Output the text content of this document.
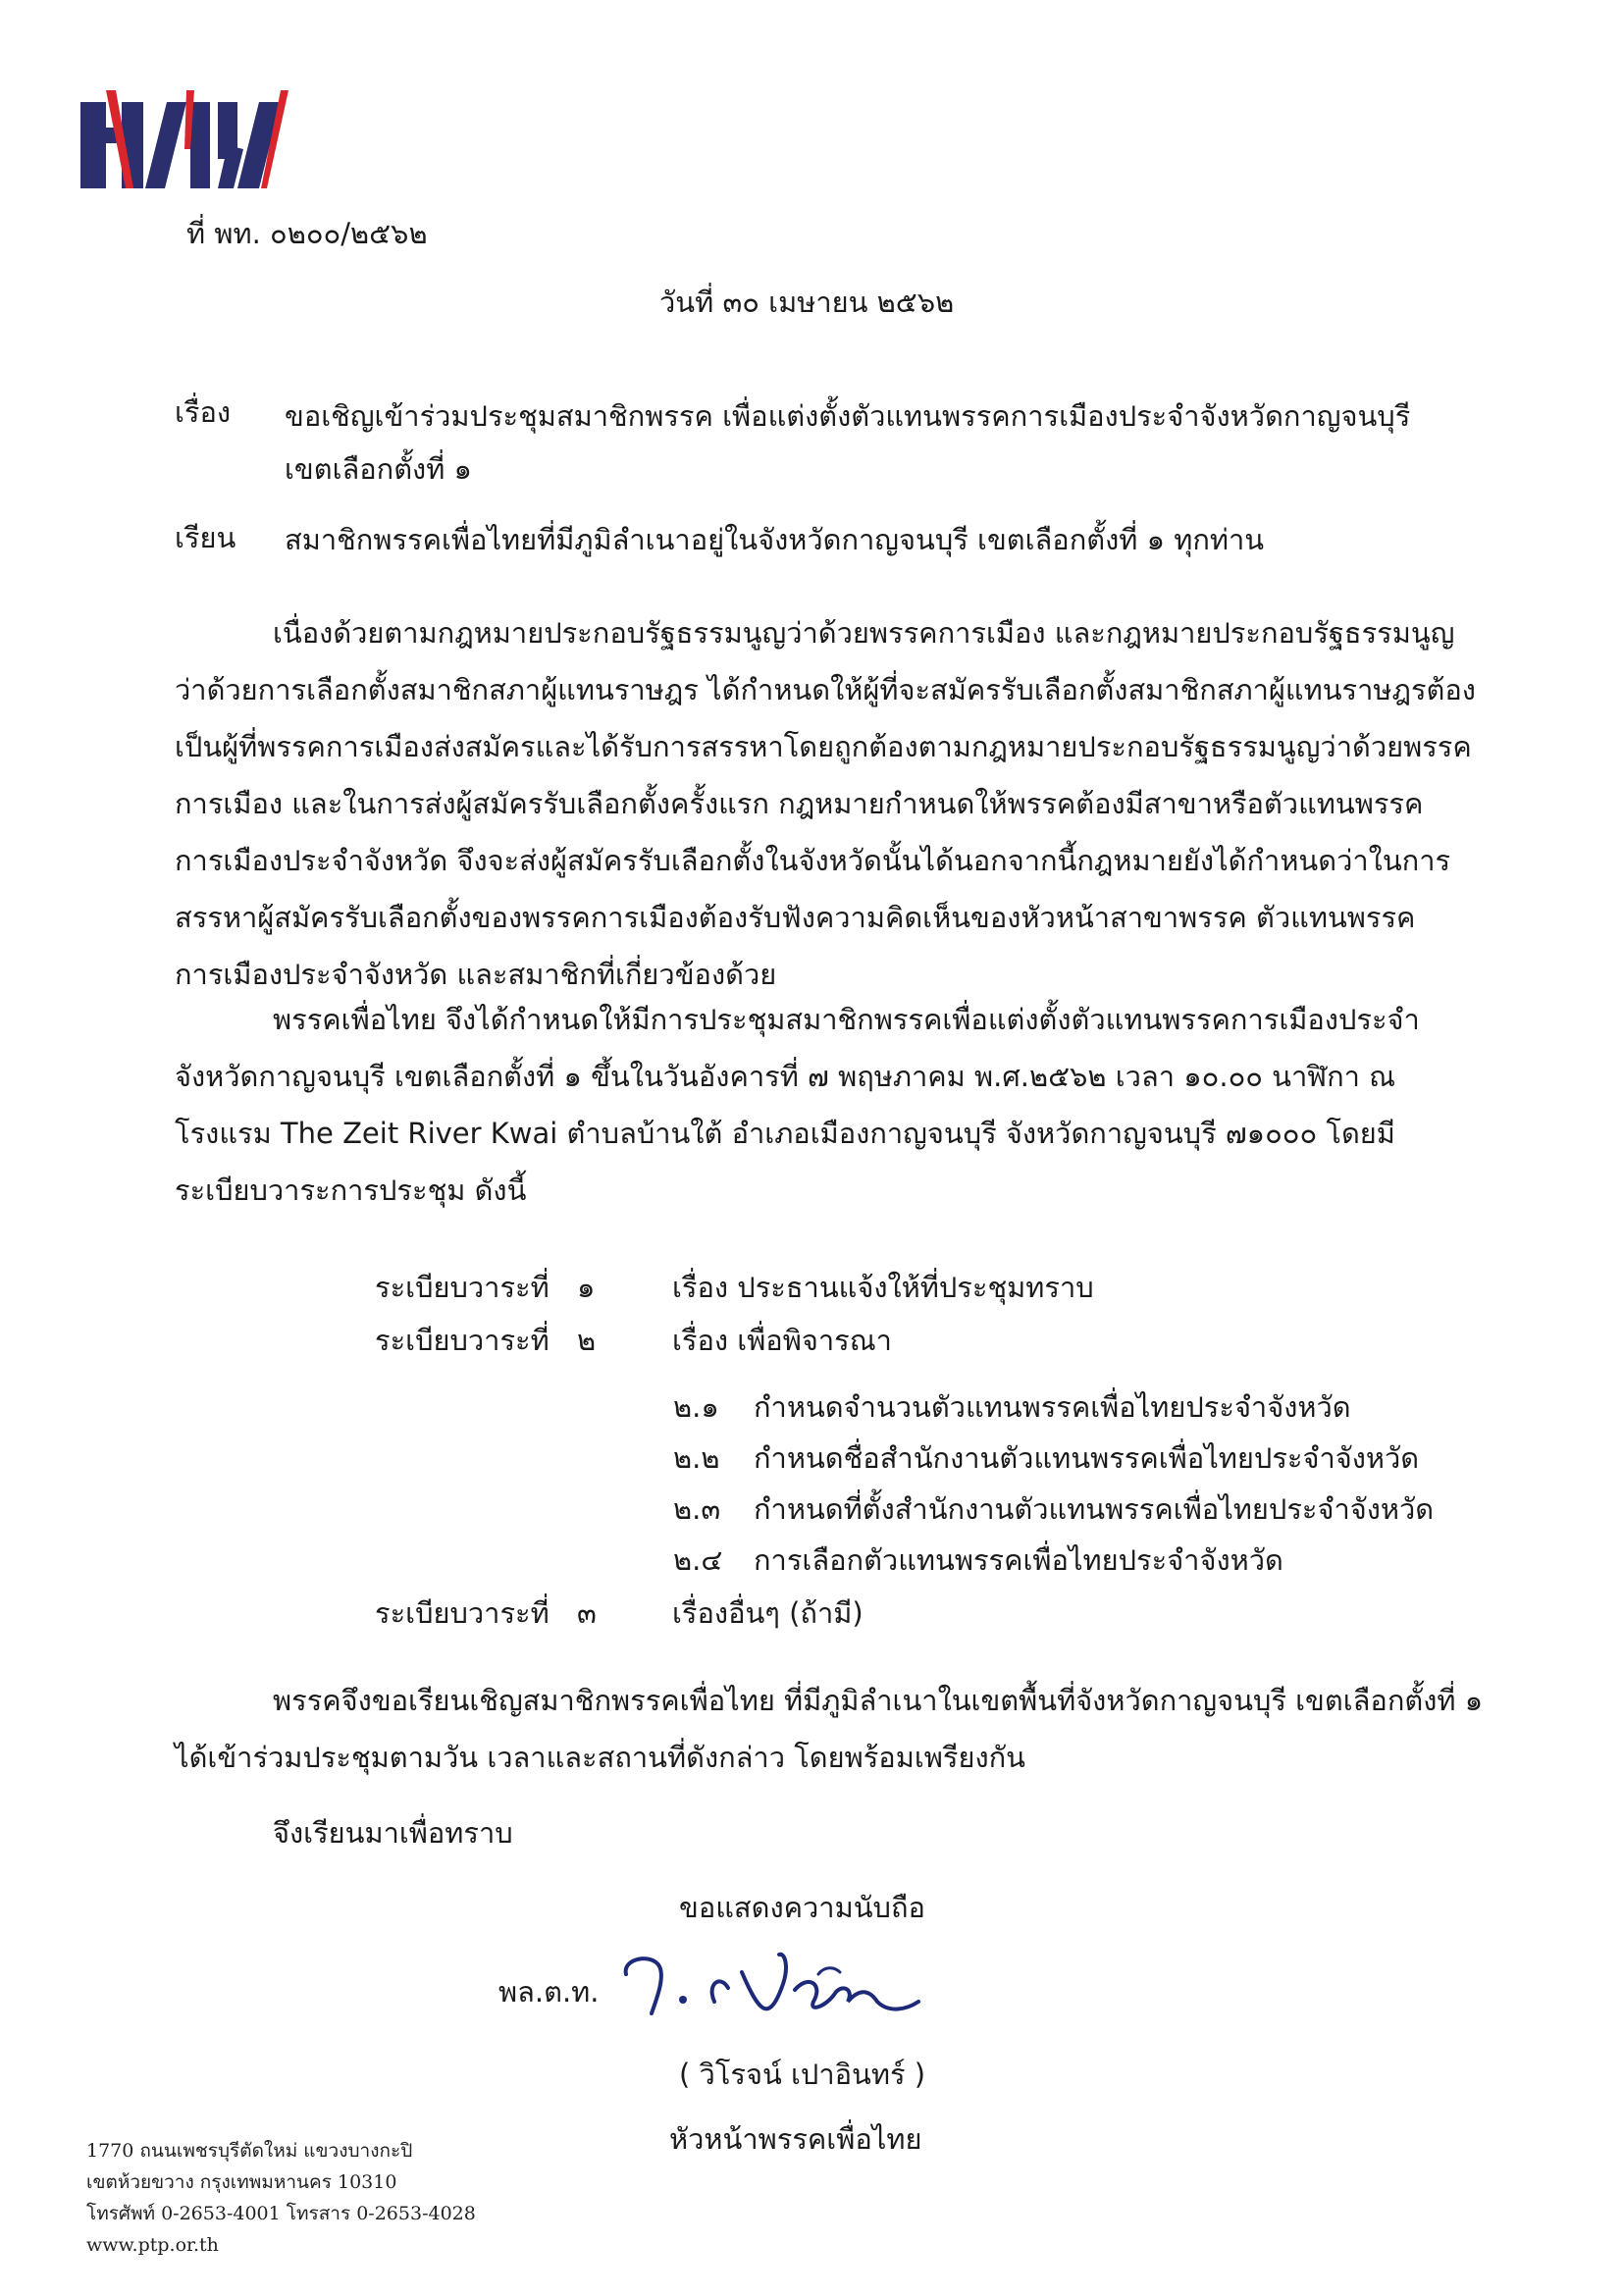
ที่ พท. ๐๒๐๐/๒๕๖๒
วันที่ ๓๐ เมษายน ๒๕๖๒
เรื่อง ขอเชิญเข้าร่วมประชุมสมาชิกพรรค เพื่อแต่งตั้งตัวแทนพรรคการเมืองประจำจังหวัดกาญจนบุรี
เขตเลือกตั้งที่ ๑
เรียน สมาชิกพรรคเพื่อไทยที่มีภูมิลำเนาอยู่ในจังหวัดกาญจนบุรี เขตเลือกตั้งที่ ๑ ทุกท่าน
เนื่องด้วยตามกฎหมายประกอบรัฐธรรมนูญว่าด้วยพรรคการเมือง และกฎหมายประกอบรัฐธรรมนูญ
ว่าด้วยการเลือกตั้งสมาชิกสภาผู้แทนราษฎร ได้กำหนดให้ผู้ที่จะสมัครรับเลือกตั้งสมาชิกสภาผู้แทนราษฎรต้อง
เป็นผู้ที่พรรคการเมืองส่งสมัครและได้รับการสรรหาโดยถูกต้องตามกฎหมายประกอบรัฐธรรมนูญว่าด้วยพรรค
การเมือง และในการส่งผู้สมัครรับเลือกตั้งครั้งแรก กฎหมายกำหนดให้พรรคต้องมีสาขาหรือตัวแทนพรรค
การเมืองประจำจังหวัด จึงจะส่งผู้สมัครรับเลือกตั้งในจังหวัดนั้นได้นอกจากนี้กฎหมายยังได้กำหนดว่าในการ
สรรหาผู้สมัครรับเลือกตั้งของพรรคการเมืองต้องรับฟังความคิดเห็นของหัวหน้าสาขาพรรค ตัวแทนพรรค
การเมืองประจำจังหวัด และสมาชิกที่เกี่ยวข้องด้วย
พรรคเพื่อไทย จึงได้กำหนดให้มีการประชุมสมาชิกพรรคเพื่อแต่งตั้งตัวแทนพรรคการเมืองประจำ
จังหวัดกาญจนบุรี เขตเลือกตั้งที่ ๑ ขึ้นในวันอังคารที่ ๗ พฤษภาคม พ.ศ.๒๕๖๒ เวลา ๑๐.๐๐ นาฬิกา ณ
โรงแรม The Zeit River Kwai ตำบลบ้านใต้ อำเภอเมืองกาญจนบุรี จังหวัดกาญจนบุรี ๗๑๐๐๐ โดยมี
ระเบียบวาระการประชุม ดังนี้
ระเบียบวาระที่ ๑	เรื่อง ประธานแจ้งให้ที่ประชุมทราบ
ระเบียบวาระที่ ๒	เรื่อง เพื่อพิจารณา
๒.๑ กำหนดจำนวนตัวแทนพรรคเพื่อไทยประจำจังหวัด
๒.๒ กำหนดชื่อสำนักงานตัวแทนพรรคเพื่อไทยประจำจังหวัด
๒.๓ กำหนดที่ตั้งสำนักงานตัวแทนพรรคเพื่อไทยประจำจังหวัด
๒.๔ การเลือกตัวแทนพรรคเพื่อไทยประจำจังหวัด
ระเบียบวาระที่ ๓	เรื่องอื่นๆ (ถ้ามี)
พรรคจึงขอเรียนเชิญสมาชิกพรรคเพื่อไทย ที่มีภูมิลำเนาในเขตพื้นที่จังหวัดกาญจนบุรี เขตเลือกตั้งที่ ๑
ได้เข้าร่วมประชุมตามวัน เวลาและสถานที่ดังกล่าว โดยพร้อมเพรียงกัน
จึงเรียนมาเพื่อทราบ
ขอแสดงความนับถือ
พล.ต.ท.
( วิโรจน์ เปาอินทร์ )
หัวหน้าพรรคเพื่อไทย
1770 ถนนเพชรบุรีตัดใหม่ แขวงบางกะปิ
เขตห้วยขวาง กรุงเทพมหานคร 10310
โทรศัพท์ 0-2653-4001 โทรสาร 0-2653-4028
www.ptp.or.th
